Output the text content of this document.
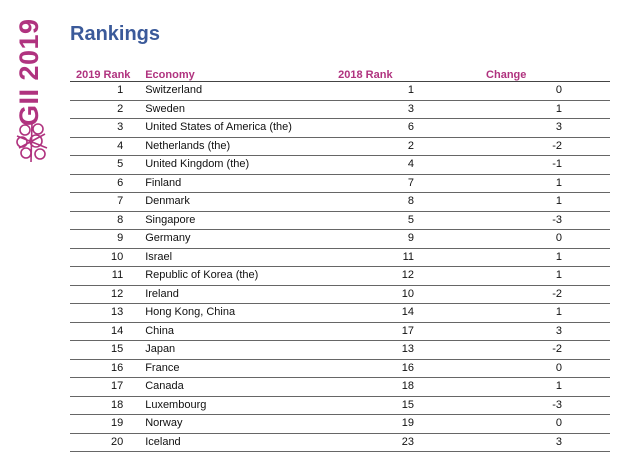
GII 2019 Rankings
2019 Rank	Economy	2018 Rank	Change
1	Switzerland	1	0
2	Sweden	3	1
3	United States of America (the)	6	3
4	Netherlands (the)	2	-2
5	United Kingdom (the)	4	-1
6	Finland	7	1
7	Denmark	8	1
8	Singapore	5	-3
9	Germany	9	0
10	Israel	11	1
11	Republic of Korea (the)	12	1
12	Ireland	10	-2
13	Hong Kong, China	14	1
14	China	17	3
15	Japan	13	-2
16	France	16	0
17	Canada	18	1
18	Luxembourg	15	-3
19	Norway	19	0
20	Iceland	23	3
